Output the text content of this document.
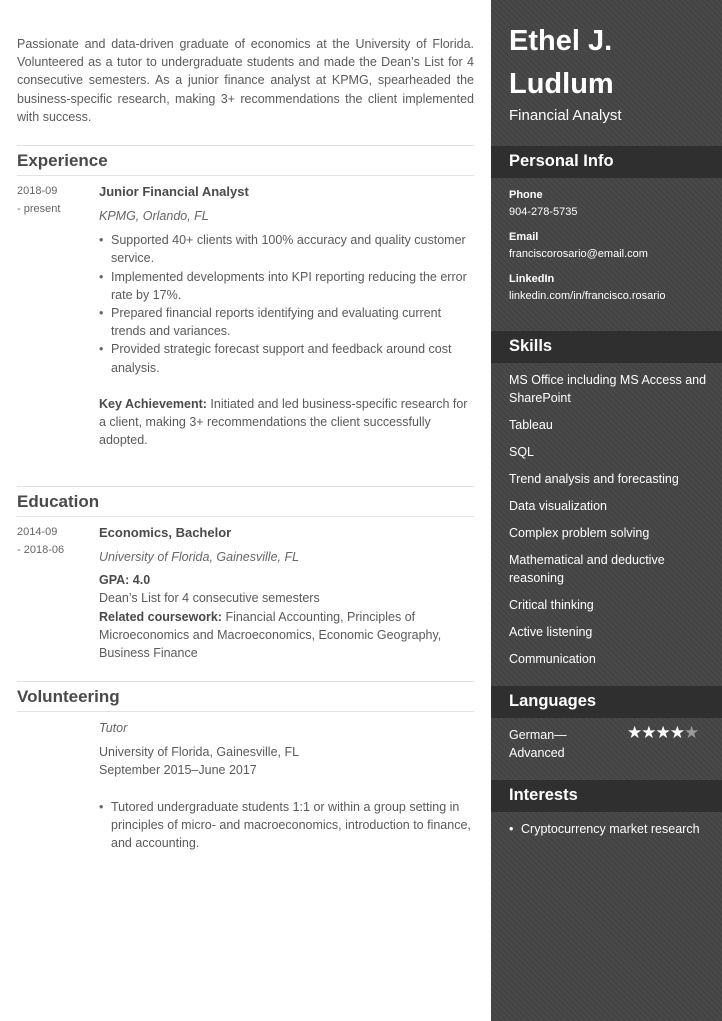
Passionate and data-driven graduate of economics at the University of Florida. Volunteered as a tutor to undergraduate students and made the Dean’s List for 4 consecutive semesters. As a junior finance analyst at KPMG, spearheaded the business-specific research, making 3+ recommendations the client implemented with success.

Experience
2018-09
- present
Junior Financial Analyst
KPMG, Orlando, FL
• Supported 40+ clients with 100% accuracy and quality customer service.
• Implemented developments into KPI reporting reducing the error rate by 17%.
• Prepared financial reports identifying and evaluating current trends and variances.
• Provided strategic forecast support and feedback around cost analysis.

Key Achievement: Initiated and led business-specific research for a client, making 3+ recommendations the client successfully adopted.

Education
2014-09
- 2018-06
Economics, Bachelor
University of Florida, Gainesville, FL
GPA: 4.0
Dean’s List for 4 consecutive semesters

Related coursework: Financial Accounting, Principles of Microeconomics and Macroeconomics, Economic Geography, Business Finance

Volunteering
Tutor
University of Florida, Gainesville, FL
September 2015–June 2017
• Tutored undergraduate students 1:1 or within a group setting in principles of micro- and macroeconomics, introduction to finance, and accounting.
Ethel J.
Ludlum
Financial Analyst
Personal Info
Phone
904-278-5735
Email
franciscorosario@email.com
LinkedIn
linkedin.com/in/francisco.rosario
Skills
MS Office including MS Access and SharePoint
Tableau
SQL
Trend analysis and forecasting
Data visualization
Complex problem solving
Mathematical and deductive reasoning
Critical thinking
Active listening
Communication
Languages
German—Advanced
★★★★★
Interests
• Cryptocurrency market research
